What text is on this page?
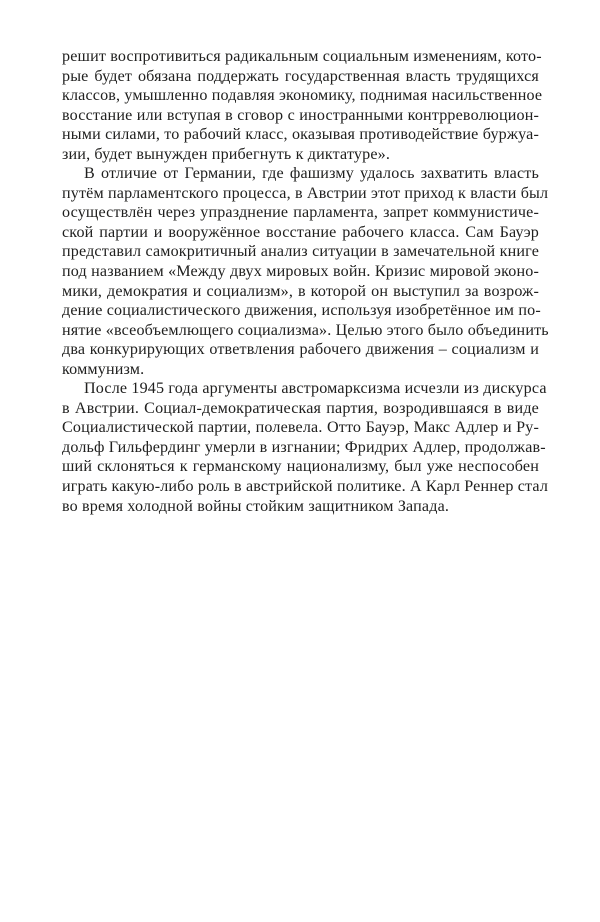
решит воспротивиться радикальным социальным изменениям, кото-
рые будет обязана поддержать государственная власть трудящихся
классов, умышленно подавляя экономику, поднимая насильственное
восстание или вступая в сговор с иностранными контрреволюцион-
ными силами, то рабочий класс, оказывая противодействие буржуа-
зии, будет вынужден прибегнуть к диктатуре».

В отличие от Германии, где фашизму удалось захватить власть
путём парламентского процесса, в Австрии этот приход к власти был
осуществлён через упразднение парламента, запрет коммунистиче-
ской партии и вооружённое восстание рабочего класса. Сам Бауэр
представил самокритичный анализ ситуации в замечательной книге
под названием «Между двух мировых войн. Кризис мировой эконо-
мики, демократия и социализм», в которой он выступил за возрож-
дение социалистического движения, используя изобретённое им по-
нятие «всеобъемлющего социализма». Целью этого было объединить
два конкурирующих ответвления рабочего движения – социализм и
коммунизм.

После 1945 года аргументы австромарксизма исчезли из дискурса
в Австрии. Социал-демократическая партия, возродившаяся в виде
Социалистической партии, полевела. Отто Бауэр, Макс Адлер и Ру-
дольф Гильфердинг умерли в изгнании; Фридрих Адлер, продолжав-
ший склоняться к германскому национализму, был уже неспособен
играть какую-либо роль в австрийской политике. А Карл Реннер стал
во время холодной войны стойким защитником Запада.
